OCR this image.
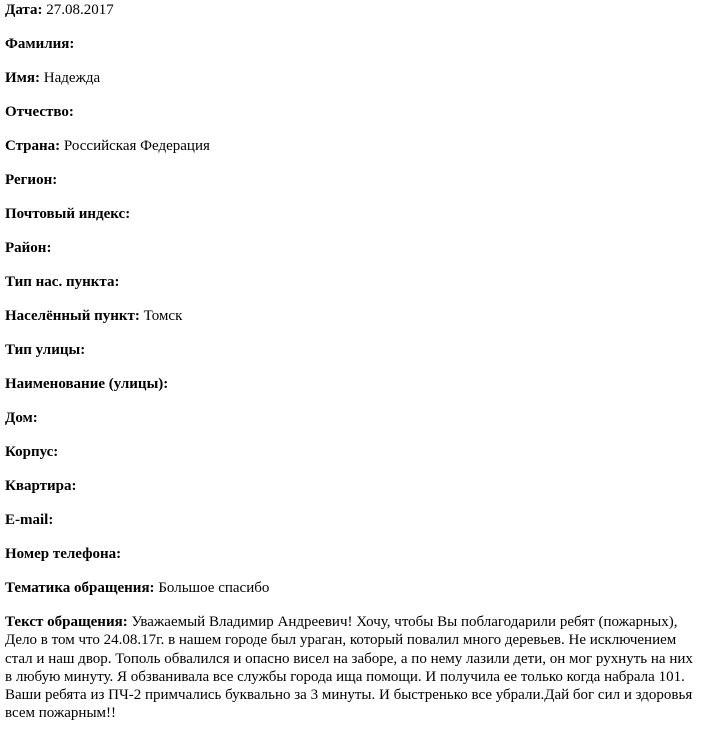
Дата: 27.08.2017
Фамилия:
Имя: Надежда
Отчество:
Страна: Российская Федерация
Регион:
Почтовый индекс:
Район:
Тип нас. пункта:
Населённый пункт: Томск
Тип улицы:
Наименование (улицы):
Дом:
Корпус:
Квартира:
E-mail:
Номер телефона:
Тематика обращения: Большое спасибо
Текст обращения: Уважаемый Владимир Андреевич! Хочу, чтобы Вы поблагодарили ребят (пожарных), Дело в том что 24.08.17г. в нашем городе был ураган, который повалил много деревьев. Не исключением стал и наш двор. Тополь обвалился и опасно висел на заборе, а по нему лазили дети, он мог рухнуть на них в любую минуту. Я обзванивала все службы города ища помощи. И получила ее только когда набрала 101. Ваши ребята из ПЧ-2 примчались буквально за 3 минуты. И быстренько все убрали.Дай бог сил и здоровья всем пожарным!!
